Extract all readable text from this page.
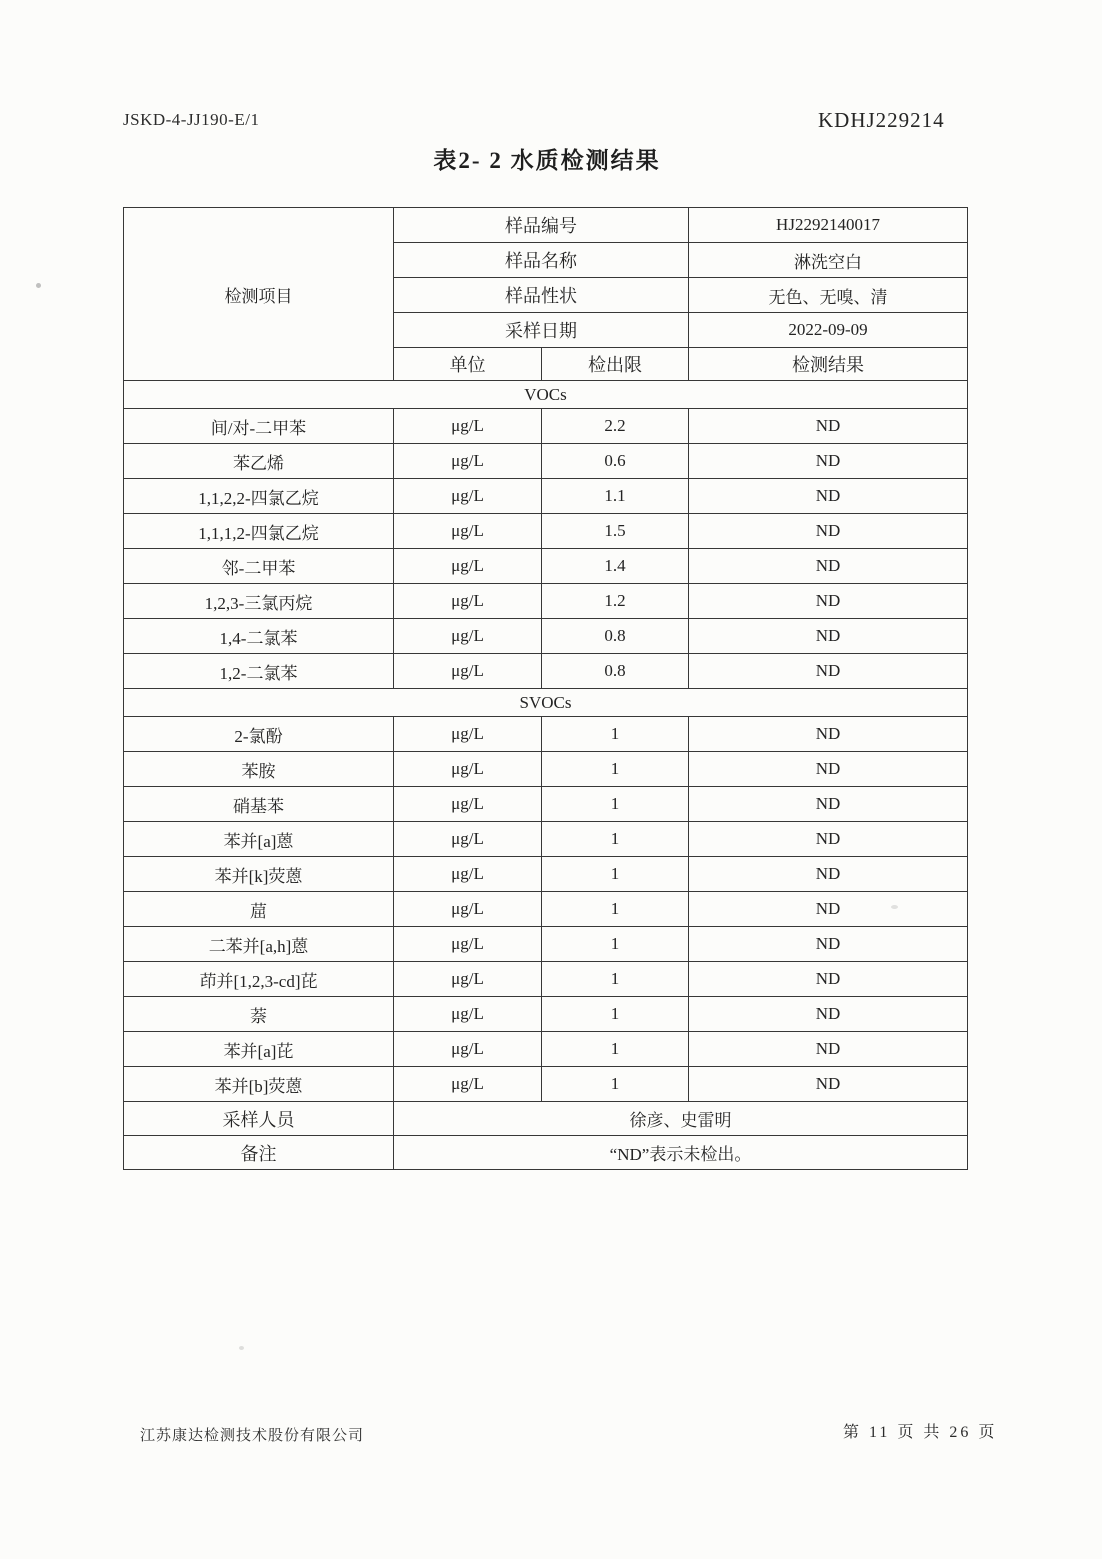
JSKD-4-JJ190-E/1	KDHJ229214
表2- 2 水质检测结果
检测项目	样品编号		HJ2292140017
	样品名称		淋洗空白
	样品性状		无色、无嗅、清
	采样日期		2022-09-09
	单位	检出限	检测结果
VOCs			
间/对-二甲苯	μg/L	2.2	ND
苯乙烯	μg/L	0.6	ND
1,1,2,2-四氯乙烷	μg/L	1.1	ND
1,1,1,2-四氯乙烷	μg/L	1.5	ND
邻-二甲苯	μg/L	1.4	ND
1,2,3-三氯丙烷	μg/L	1.2	ND
1,4-二氯苯	μg/L	0.8	ND
1,2-二氯苯	μg/L	0.8	ND
SVOCs			
2-氯酚	μg/L	1	ND
苯胺	μg/L	1	ND
硝基苯	μg/L	1	ND
苯并[a]蒽	μg/L	1	ND
苯并[k]荧蒽	μg/L	1	ND
䓛	μg/L	1	ND
二苯并[a,h]蒽	μg/L	1	ND
茚并[1,2,3-cd]芘	μg/L	1	ND
萘	μg/L	1	ND
苯并[a]芘	μg/L	1	ND
苯并[b]荧蒽	μg/L	1	ND
采样人员	徐彦、史雷明		
备注	“ND”表示未检出。		
江苏康达检测技术股份有限公司	第 11 页 共 26 页
